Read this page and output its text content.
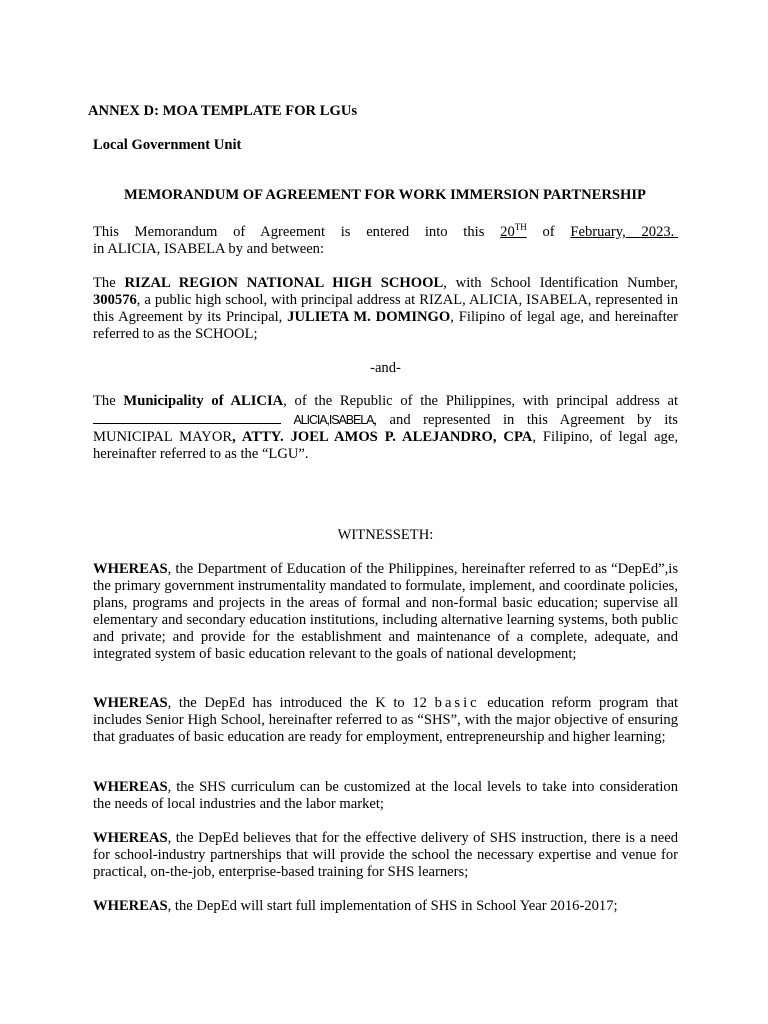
ANNEX D: MOA TEMPLATE FOR LGUs
Local Government Unit
MEMORANDUM OF AGREEMENT FOR WORK IMMERSION PARTNERSHIP
This Memorandum of Agreement is entered into this 20TH of February, 2023.
in ALICIA, ISABELA by and between:
The RIZAL REGION NATIONAL HIGH SCHOOL, with School Identification Number, 300576, a public high school, with principal address at RIZAL, ALICIA, ISABELA, represented in this Agreement by its Principal, JULIETA M. DOMINGO, Filipino of legal age, and hereinafter referred to as the SCHOOL;
-and-
The Municipality of ALICIA, of the Republic of the Philippines, with principal address at  ALICIA,ISABELA, and represented in this Agreement by its MUNICIPAL MAYOR, ATTY. JOEL AMOS P. ALEJANDRO, CPA, Filipino, of legal age, hereinafter referred to as the “LGU”.
WITNESSETH:
WHEREAS, the Department of Education of the Philippines, hereinafter referred to as “DepEd”,is the primary government instrumentality mandated to formulate, implement, and coordinate policies, plans, programs and projects in the areas of formal and non-formal basic education; supervise all elementary and secondary education institutions, including alternative learning systems, both public and private; and provide for the establishment and maintenance of a complete, adequate, and integrated system of basic education relevant to the goals of national development;
WHEREAS, the DepEd has introduced the K to 12 basic education reform program that includes Senior High School, hereinafter referred to as “SHS”, with the major objective of ensuring that graduates of basic education are ready for employment, entrepreneurship and higher learning;
WHEREAS, the SHS curriculum can be customized at the local levels to take into consideration the needs of local industries and the labor market;
WHEREAS, the DepEd believes that for the effective delivery of SHS instruction, there is a need for school-industry partnerships that will provide the school the necessary expertise and venue for practical, on-the-job, enterprise-based training for SHS learners;
WHEREAS, the DepEd will start full implementation of SHS in School Year 2016-2017;
